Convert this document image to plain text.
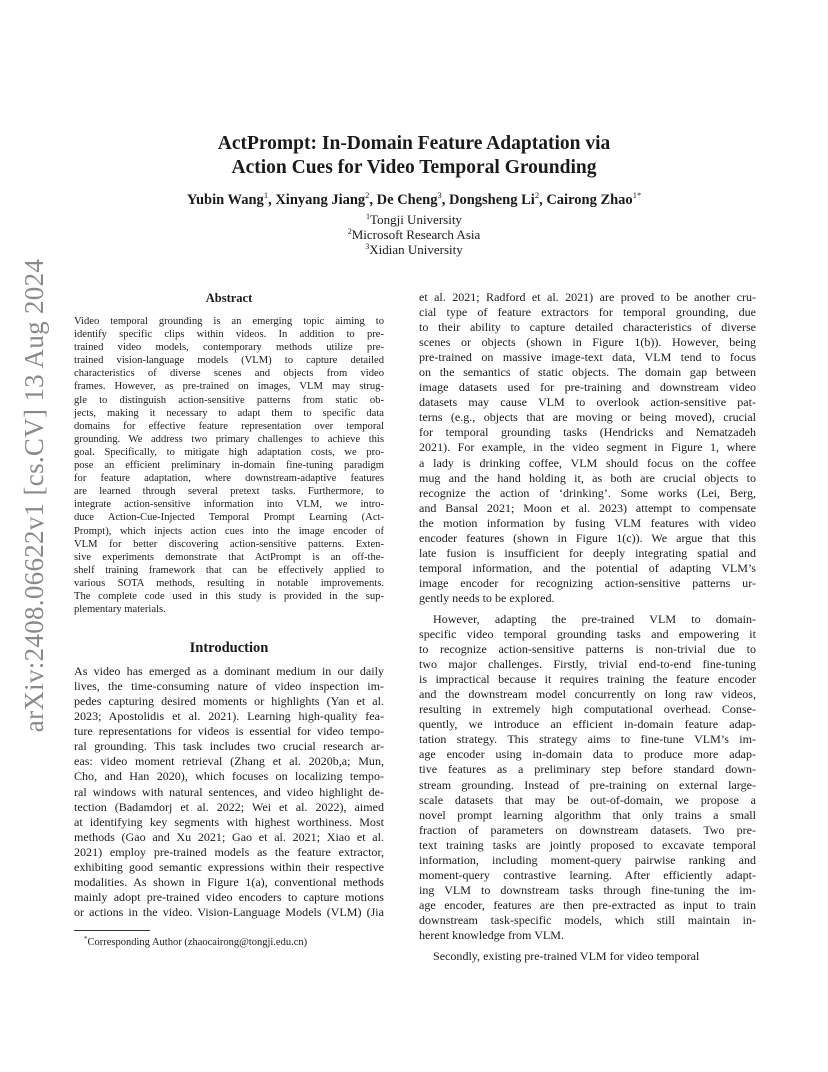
arXiv:2408.06622v1 [cs.CV] 13 Aug 2024
ActPrompt: In-Domain Feature Adaptation via
Action Cues for Video Temporal Grounding
Yubin Wang$^1$, Xinyang Jiang$^2$, De Cheng$^3$, Dongsheng Li$^2$, Cairong Zhao$^{1*}$
$^1$Tongji University
$^2$Microsoft Research Asia
$^3$Xidian University
Abstract
Video temporal grounding is an emerging topic aiming to
identify specific clips within videos. In addition to pre-
trained video models, contemporary methods utilize pre-
trained vision-language models (VLM) to capture detailed
characteristics of diverse scenes and objects from video
frames. However, as pre-trained on images, VLM may strug-
gle to distinguish action-sensitive patterns from static ob-
jects, making it necessary to adapt them to specific data
domains for effective feature representation over temporal
grounding. We address two primary challenges to achieve this
goal. Specifically, to mitigate high adaptation costs, we pro-
pose an efficient preliminary in-domain fine-tuning paradigm
for feature adaptation, where downstream-adaptive features
are learned through several pretext tasks. Furthermore, to
integrate action-sensitive information into VLM, we intro-
duce Action-Cue-Injected Temporal Prompt Learning (Act-
Prompt), which injects action cues into the image encoder of
VLM for better discovering action-sensitive patterns. Exten-
sive experiments demonstrate that ActPrompt is an off-the-
shelf training framework that can be effectively applied to
various SOTA methods, resulting in notable improvements.
The complete code used in this study is provided in the sup-
plementary materials.
Introduction
As video has emerged as a dominant medium in our daily
lives, the time-consuming nature of video inspection im-
pedes capturing desired moments or highlights (Yan et al.
2023; Apostolidis et al. 2021). Learning high-quality fea-
ture representations for videos is essential for video tempo-
ral grounding. This task includes two crucial research ar-
eas: video moment retrieval (Zhang et al. 2020b,a; Mun,
Cho, and Han 2020), which focuses on localizing tempo-
ral windows with natural sentences, and video highlight de-
tection (Badamdorj et al. 2022; Wei et al. 2022), aimed
at identifying key segments with highest worthiness. Most
methods (Gao and Xu 2021; Gao et al. 2021; Xiao et al.
2021) employ pre-trained models as the feature extractor,
exhibiting good semantic expressions within their respective
modalities. As shown in Figure 1(a), conventional methods
mainly adopt pre-trained video encoders to capture motions
or actions in the video. Vision-Language Models (VLM) (Jia
*Corresponding Author (zhaocairong@tongji.edu.cn)
et al. 2021; Radford et al. 2021) are proved to be another cru-
cial type of feature extractors for temporal grounding, due
to their ability to capture detailed characteristics of diverse
scenes or objects (shown in Figure 1(b)). However, being
pre-trained on massive image-text data, VLM tend to focus
on the semantics of static objects. The domain gap between
image datasets used for pre-training and downstream video
datasets may cause VLM to overlook action-sensitive pat-
terns (e.g., objects that are moving or being moved), crucial
for temporal grounding tasks (Hendricks and Nematzadeh
2021). For example, in the video segment in Figure 1, where
a lady is drinking coffee, VLM should focus on the coffee
mug and the hand holding it, as both are crucial objects to
recognize the action of ‘drinking’. Some works (Lei, Berg,
and Bansal 2021; Moon et al. 2023) attempt to compensate
the motion information by fusing VLM features with video
encoder features (shown in Figure 1(c)). We argue that this
late fusion is insufficient for deeply integrating spatial and
temporal information, and the potential of adapting VLM’s
image encoder for recognizing action-sensitive patterns ur-
gently needs to be explored.
However, adapting the pre-trained VLM to domain-
specific video temporal grounding tasks and empowering it
to recognize action-sensitive patterns is non-trivial due to
two major challenges. Firstly, trivial end-to-end fine-tuning
is impractical because it requires training the feature encoder
and the downstream model concurrently on long raw videos,
resulting in extremely high computational overhead. Conse-
quently, we introduce an efficient in-domain feature adap-
tation strategy. This strategy aims to fine-tune VLM’s im-
age encoder using in-domain data to produce more adap-
tive features as a preliminary step before standard down-
stream grounding. Instead of pre-training on external large-
scale datasets that may be out-of-domain, we propose a
novel prompt learning algorithm that only trains a small
fraction of parameters on downstream datasets. Two pre-
text training tasks are jointly proposed to excavate temporal
information, including moment-query pairwise ranking and
moment-query contrastive learning. After efficiently adapt-
ing VLM to downstream tasks through fine-tuning the im-
age encoder, features are then pre-extracted as input to train
downstream task-specific models, which still maintain in-
herent knowledge from VLM.
Secondly, existing pre-trained VLM for video temporal
